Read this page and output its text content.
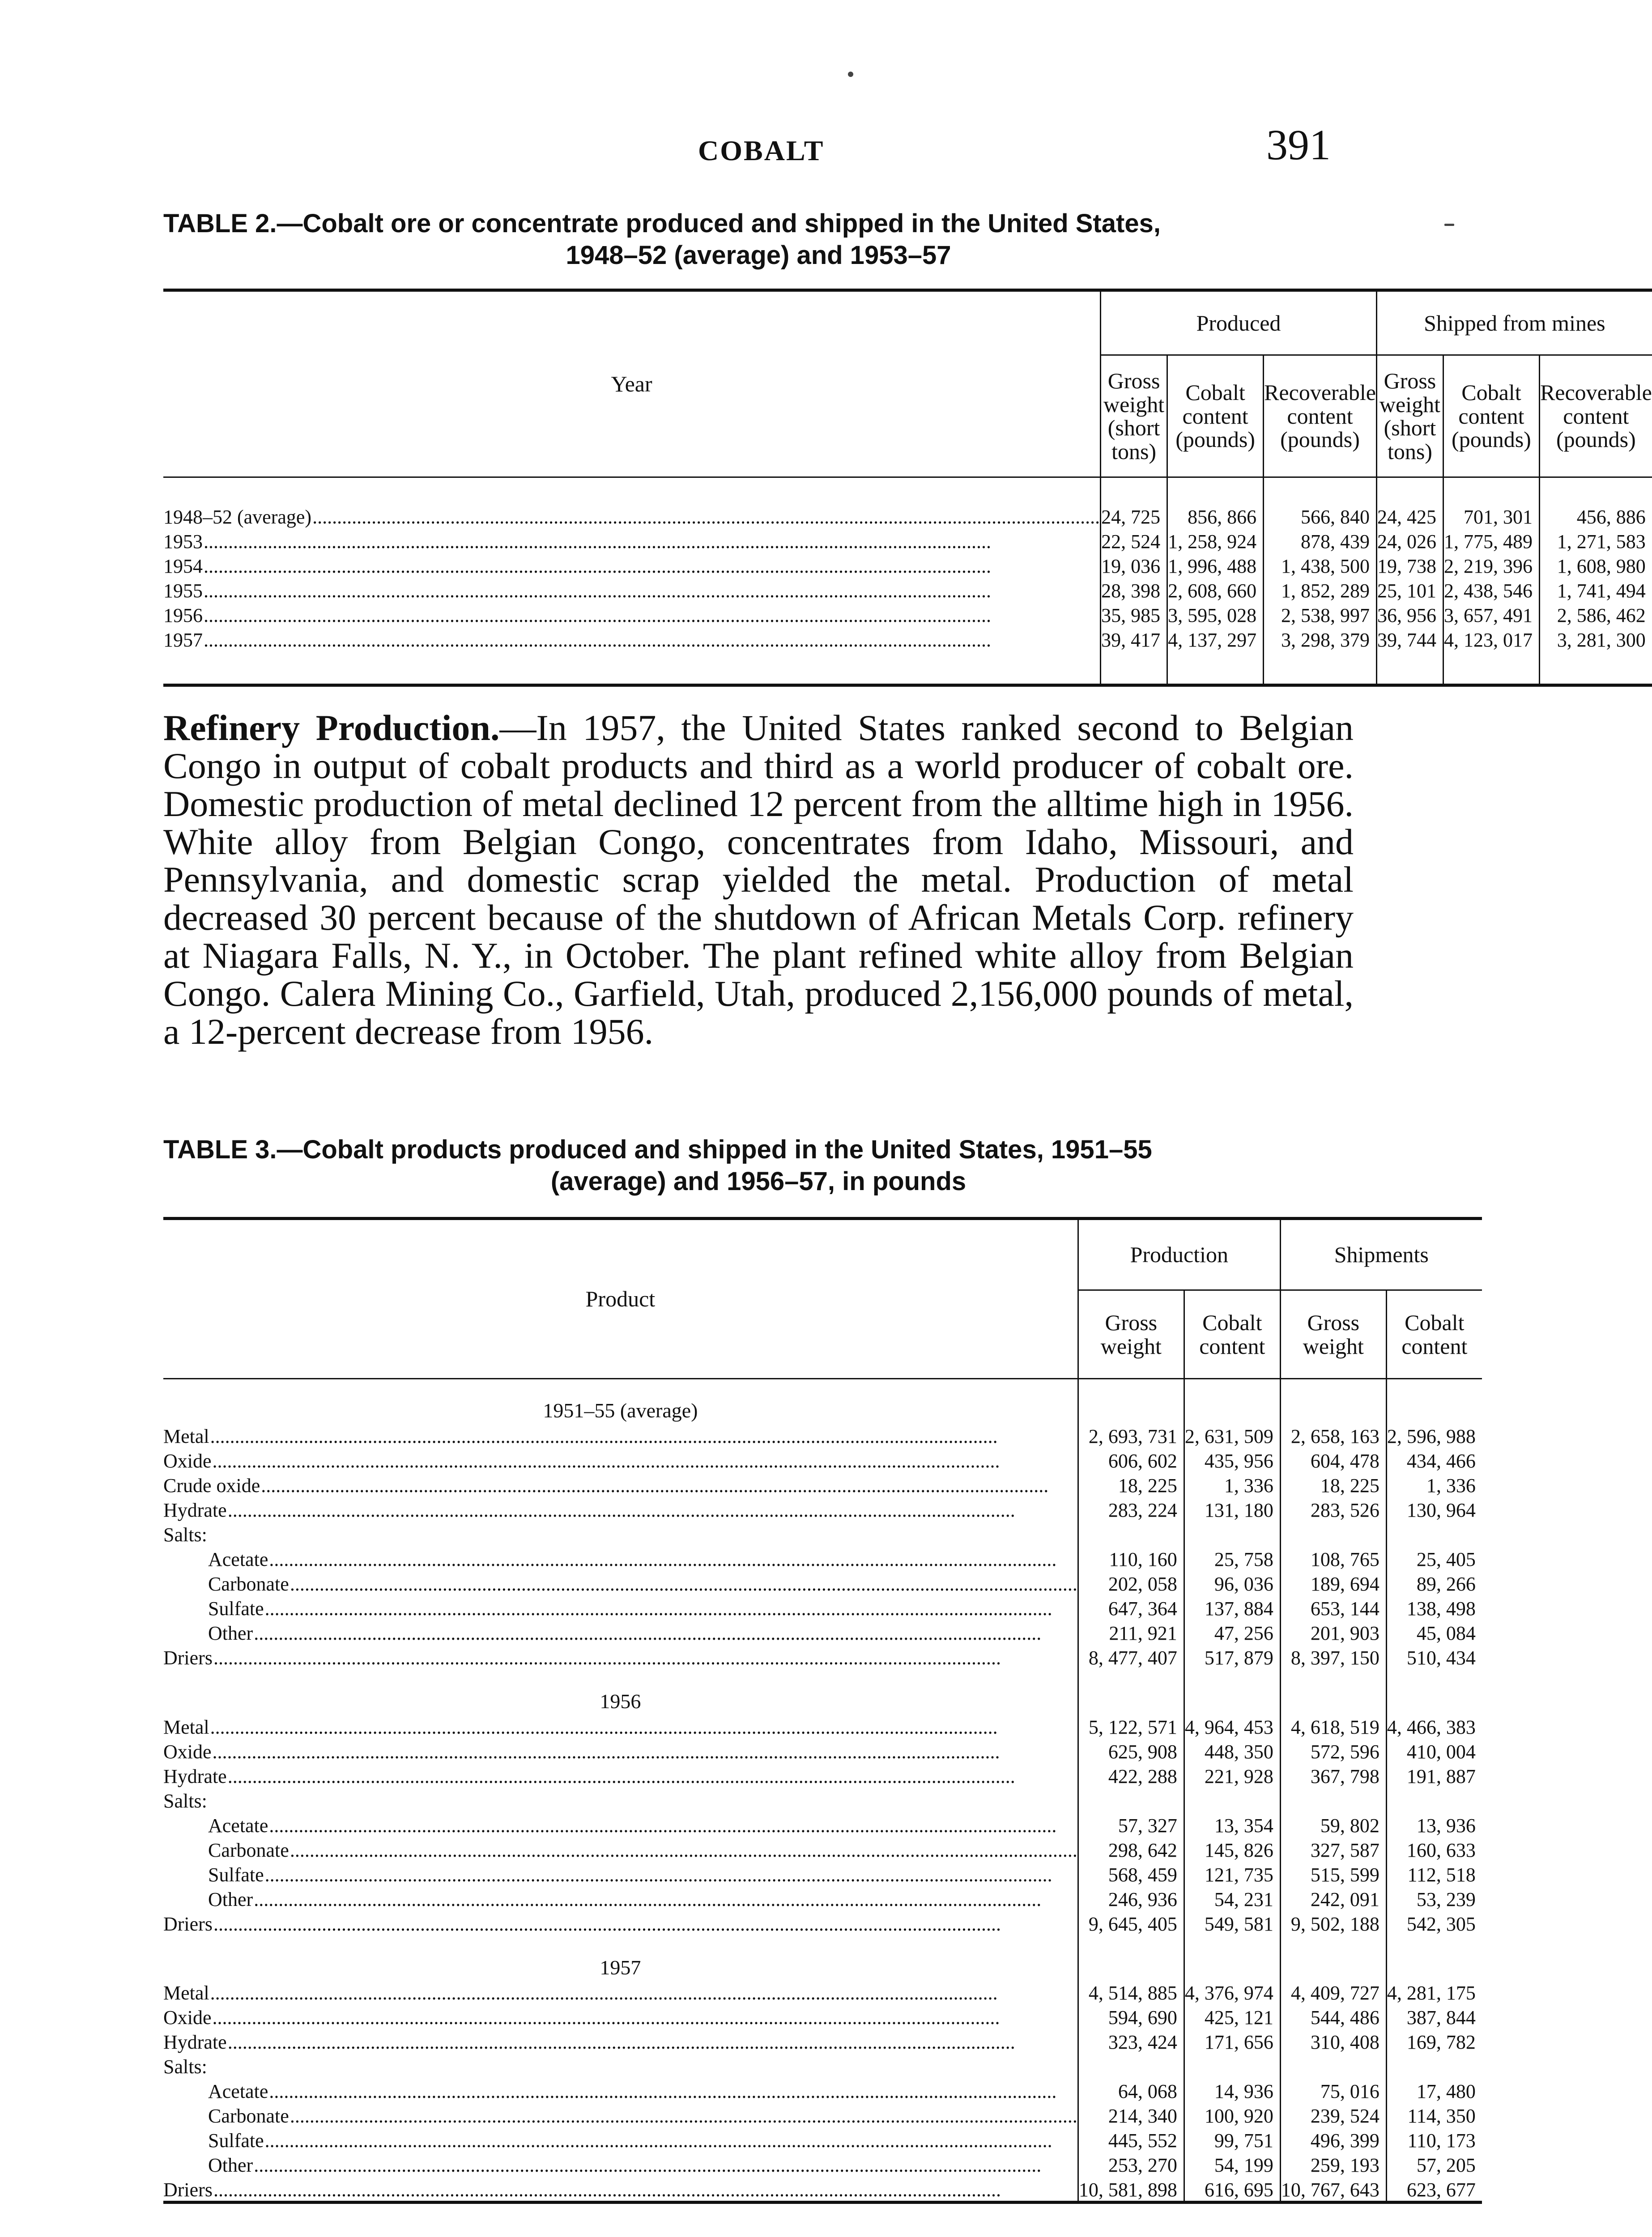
COBALT	391
TABLE 2.—Cobalt ore or concentrate produced and shipped in the United States,
1948–52 (average) and 1953–57
Year	Produced			Shipped from mines		
	Gross weight (short tons)	Cobalt content (pounds)	Recoverable content (pounds)	Gross weight (short tons)	Cobalt content (pounds)	Recoverable content (pounds)
1948–52 (average)................................................................................................................................................................	24, 725	856, 866	566, 840	24, 425	701, 301	456, 886
1953................................................................................................................................................................	22, 524	1, 258, 924	878, 439	24, 026	1, 775, 489	1, 271, 583
1954................................................................................................................................................................	19, 036	1, 996, 488	1, 438, 500	19, 738	2, 219, 396	1, 608, 980
1955................................................................................................................................................................	28, 398	2, 608, 660	1, 852, 289	25, 101	2, 438, 546	1, 741, 494
1956................................................................................................................................................................	35, 985	3, 595, 028	2, 538, 997	36, 956	3, 657, 491	2, 586, 462
1957................................................................................................................................................................	39, 417	4, 137, 297	3, 298, 379	39, 744	4, 123, 017	3, 281, 300

Refinery Production.—In 1957, the United States ranked second to Belgian Congo in output of cobalt products and third as a world producer of cobalt ore. Domestic production of metal declined 12 percent from the alltime high in 1956. White alloy from Belgian Congo, concentrates from Idaho, Missouri, and Pennsylvania, and domestic scrap yielded the metal. Production of metal decreased 30 percent because of the shutdown of African Metals Corp. refinery at Niagara Falls, N. Y., in October. The plant refined white alloy from Belgian Congo. Calera Mining Co., Garfield, Utah, produced 2,156,000 pounds of metal, a 12-percent decrease from 1956.
TABLE 3.—Cobalt products produced and shipped in the United States, 1951–55
(average) and 1956–57, in pounds
Product	Production		Shipments	
	Gross weight	Cobalt content	Gross weight	Cobalt content
1951–55 (average)				
Metal................................................................................................................................................................	2, 693, 731	2, 631, 509	2, 658, 163	2, 596, 988
Oxide................................................................................................................................................................	606, 602	435, 956	604, 478	434, 466
Crude oxide................................................................................................................................................................	18, 225	1, 336	18, 225	1, 336
Hydrate................................................................................................................................................................	283, 224	131, 180	283, 526	130, 964
Salts:				
Acetate................................................................................................................................................................	110, 160	25, 758	108, 765	25, 405
Carbonate................................................................................................................................................................	202, 058	96, 036	189, 694	89, 266
Sulfate................................................................................................................................................................	647, 364	137, 884	653, 144	138, 498
Other................................................................................................................................................................	211, 921	47, 256	201, 903	45, 084
Driers................................................................................................................................................................	8, 477, 407	517, 879	8, 397, 150	510, 434
1956				
Metal................................................................................................................................................................	5, 122, 571	4, 964, 453	4, 618, 519	4, 466, 383
Oxide................................................................................................................................................................	625, 908	448, 350	572, 596	410, 004
Hydrate................................................................................................................................................................	422, 288	221, 928	367, 798	191, 887
Salts:				
Acetate................................................................................................................................................................	57, 327	13, 354	59, 802	13, 936
Carbonate................................................................................................................................................................	298, 642	145, 826	327, 587	160, 633
Sulfate................................................................................................................................................................	568, 459	121, 735	515, 599	112, 518
Other................................................................................................................................................................	246, 936	54, 231	242, 091	53, 239
Driers................................................................................................................................................................	9, 645, 405	549, 581	9, 502, 188	542, 305
1957				
Metal................................................................................................................................................................	4, 514, 885	4, 376, 974	4, 409, 727	4, 281, 175
Oxide................................................................................................................................................................	594, 690	425, 121	544, 486	387, 844
Hydrate................................................................................................................................................................	323, 424	171, 656	310, 408	169, 782
Salts:				
Acetate................................................................................................................................................................	64, 068	14, 936	75, 016	17, 480
Carbonate................................................................................................................................................................	214, 340	100, 920	239, 524	114, 350
Sulfate................................................................................................................................................................	445, 552	99, 751	496, 399	110, 173
Other................................................................................................................................................................	253, 270	54, 199	259, 193	57, 205
Driers................................................................................................................................................................	10, 581, 898	616, 695	10, 767, 643	623, 677
